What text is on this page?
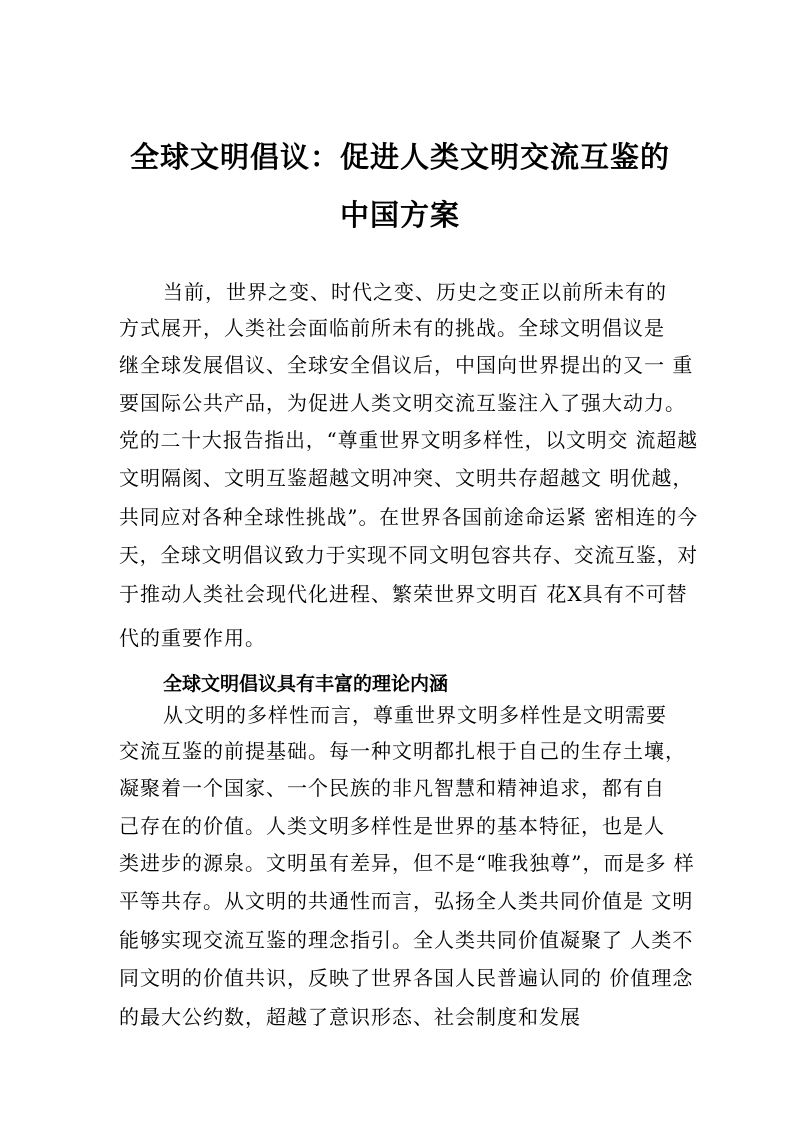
全球文明倡议：促进人类文明交流互鉴的
中国方案
当前，世界之变、时代之变、历史之变正以前所未有的
方式展开，人类社会面临前所未有的挑战。全球文明倡议是
继全球发展倡议、全球安全倡议后，中国向世界提出的又一 重
要国际公共产品，为促进人类文明交流互鉴注入了强大动力。
党的二十大报告指出，“尊重世界文明多样性，以文明交 流超越
文明隔阂、文明互鉴超越文明冲突、文明共存超越文 明优越，
共同应对各种全球性挑战”。在世界各国前途命运紧 密相连的今
天，全球文明倡议致力于实现不同文明包容共存、交流互鉴，对
于推动人类社会现代化进程、繁荣世界文明百 花X具有不可替
代的重要作用。
全球文明倡议具有丰富的理论内涵
从文明的多样性而言，尊重世界文明多样性是文明需要
交流互鉴的前提基础。每一种文明都扎根于自己的生存土壤，
凝聚着一个国家、一个民族的非凡智慧和精神追求，都有自
己存在的价值。人类文明多样性是世界的基本特征，也是人
类进步的源泉。文明虽有差异，但不是“唯我独尊”，而是多 样
平等共存。从文明的共通性而言，弘扬全人类共同价值是 文明
能够实现交流互鉴的理念指引。全人类共同价值凝聚了 人类不
同文明的价值共识，反映了世界各国人民普遍认同的 价值理念
的最大公约数，超越了意识形态、社会制度和发展
